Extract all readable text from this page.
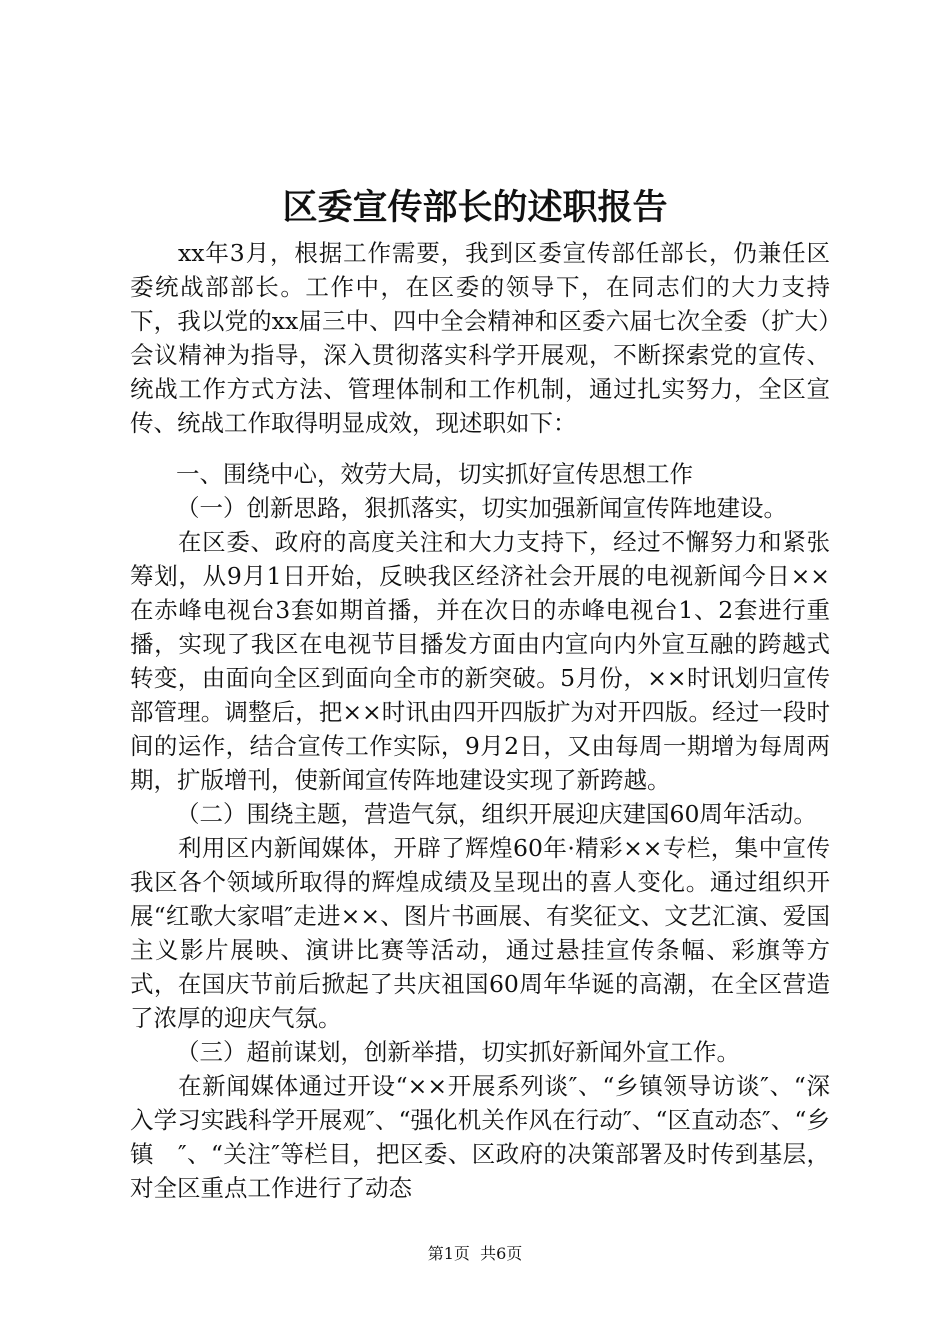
区委宣传部长的述职报告

xx年3月，根据工作需要，我到区委宣传部任部长，仍兼任区委统战部部长。工作中，在区委的领导下，在同志们的大力支持下，我以党的xx届三中、四中全会精神和区委六届七次全委（扩大）会议精神为指导，深入贯彻落实科学开展观，不断探索党的宣传、统战工作方式方法、管理体制和工作机制，通过扎实努力，全区宣传、统战工作取得明显成效，现述职如下：

一、围绕中心，效劳大局，切实抓好宣传思想工作

（一）创新思路，狠抓落实，切实加强新闻宣传阵地建设。

在区委、政府的高度关注和大力支持下，经过不懈努力和紧张筹划，从9月1日开始，反映我区经济社会开展的电视新闻今日××在赤峰电视台3套如期首播，并在次日的赤峰电视台1、2套进行重播，实现了我区在电视节目播发方面由内宣向内外宣互融的跨越式转变，由面向全区到面向全市的新突破。5月份，××时讯划归宣传部管理。调整后，把××时讯由四开四版扩为对开四版。经过一段时间的运作，结合宣传工作实际，9月2日，又由每周一期增为每周两期，扩版增刊，使新闻宣传阵地建设实现了新跨越。

（二）围绕主题，营造气氛，组织开展迎庆建国60周年活动。

利用区内新闻媒体，开辟了辉煌60年·精彩××专栏，集中宣传我区各个领域所取得的辉煌成绩及呈现出的喜人变化。通过组织开展“红歌大家唱″走进××、图片书画展、有奖征文、文艺汇演、爱国主义影片展映、演讲比赛等活动，通过悬挂宣传条幅、彩旗等方式，在国庆节前后掀起了共庆祖国60周年华诞的高潮，在全区营造了浓厚的迎庆气氛。

（三）超前谋划，创新举措，切实抓好新闻外宣工作。

在新闻媒体通过开设“××开展系列谈″、“乡镇领导访谈″、“深入学习实践科学开展观″、“强化机关作风在行动″、“区直动态″、“乡镇　″、“关注″等栏目，把区委、区政府的决策部署及时传到基层，对全区重点工作进行了动态

第1页 共6页
